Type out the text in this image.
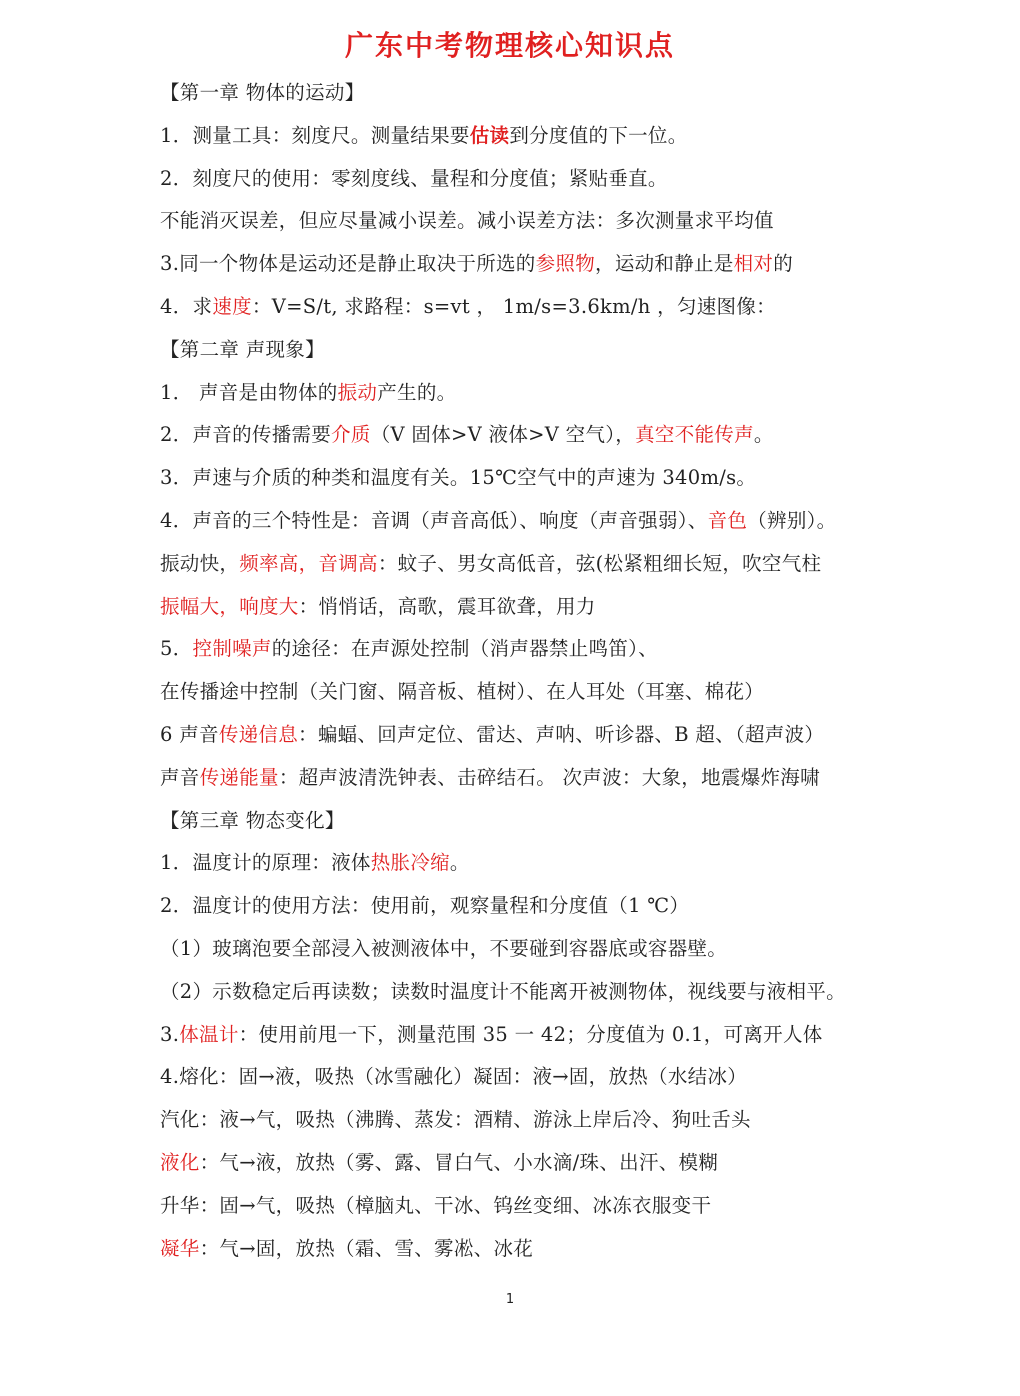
广东中考物理核心知识点
【第一章 物体的运动】
1．测量工具：刻度尺。测量结果要估读到分度值的下一位。
2．刻度尺的使用：零刻度线、量程和分度值；紧贴垂直。
不能消灭误差，但应尽量减小误差。减小误差方法：多次测量求平均值
3.同一个物体是运动还是静止取决于所选的参照物，运动和静止是相对的
4．求速度：V=S/t, 求路程：s=vt ， 1m/s=3.6km/h ，匀速图像：
【第二章 声现象】
1． 声音是由物体的振动产生的。
2．声音的传播需要介质（V 固体>V 液体>V 空气），真空不能传声。
3．声速与介质的种类和温度有关。15℃空气中的声速为 340m/s。
4．声音的三个特性是：音调（声音高低）、响度（声音强弱）、音色（辨别）。
振动快，频率高，音调高：蚊子、男女高低音，弦(松紧粗细长短，吹空气柱
振幅大，响度大：悄悄话，高歌，震耳欲聋，用力
5．控制噪声的途径：在声源处控制（消声器禁止鸣笛）、
在传播途中控制（关门窗、隔音板、植树）、在人耳处（耳塞、棉花）
6 声音传递信息：蝙蝠、回声定位、雷达、声呐、听诊器、B 超、（超声波）
声音传递能量：超声波清洗钟表、击碎结石。 次声波：大象，地震爆炸海啸
【第三章 物态变化】
1．温度计的原理：液体热胀冷缩。
2．温度计的使用方法：使用前，观察量程和分度值（1 ℃）
（1）玻璃泡要全部浸入被测液体中，不要碰到容器底或容器壁。
（2）示数稳定后再读数；读数时温度计不能离开被测物体，视线要与液相平。
3.体温计：使用前甩一下，测量范围 35 一 42；分度值为 0.1，可离开人体
4.熔化：固→液，吸热（冰雪融化）凝固：液→固，放热（水结冰）
汽化：液→气，吸热（沸腾、蒸发：酒精、游泳上岸后冷、狗吐舌头
液化：气→液，放热（雾、露、冒白气、小水滴/珠、出汗、模糊
升华：固→气，吸热（樟脑丸、干冰、钨丝变细、冰冻衣服变干
凝华：气→固，放热（霜、雪、雾凇、冰花
1
